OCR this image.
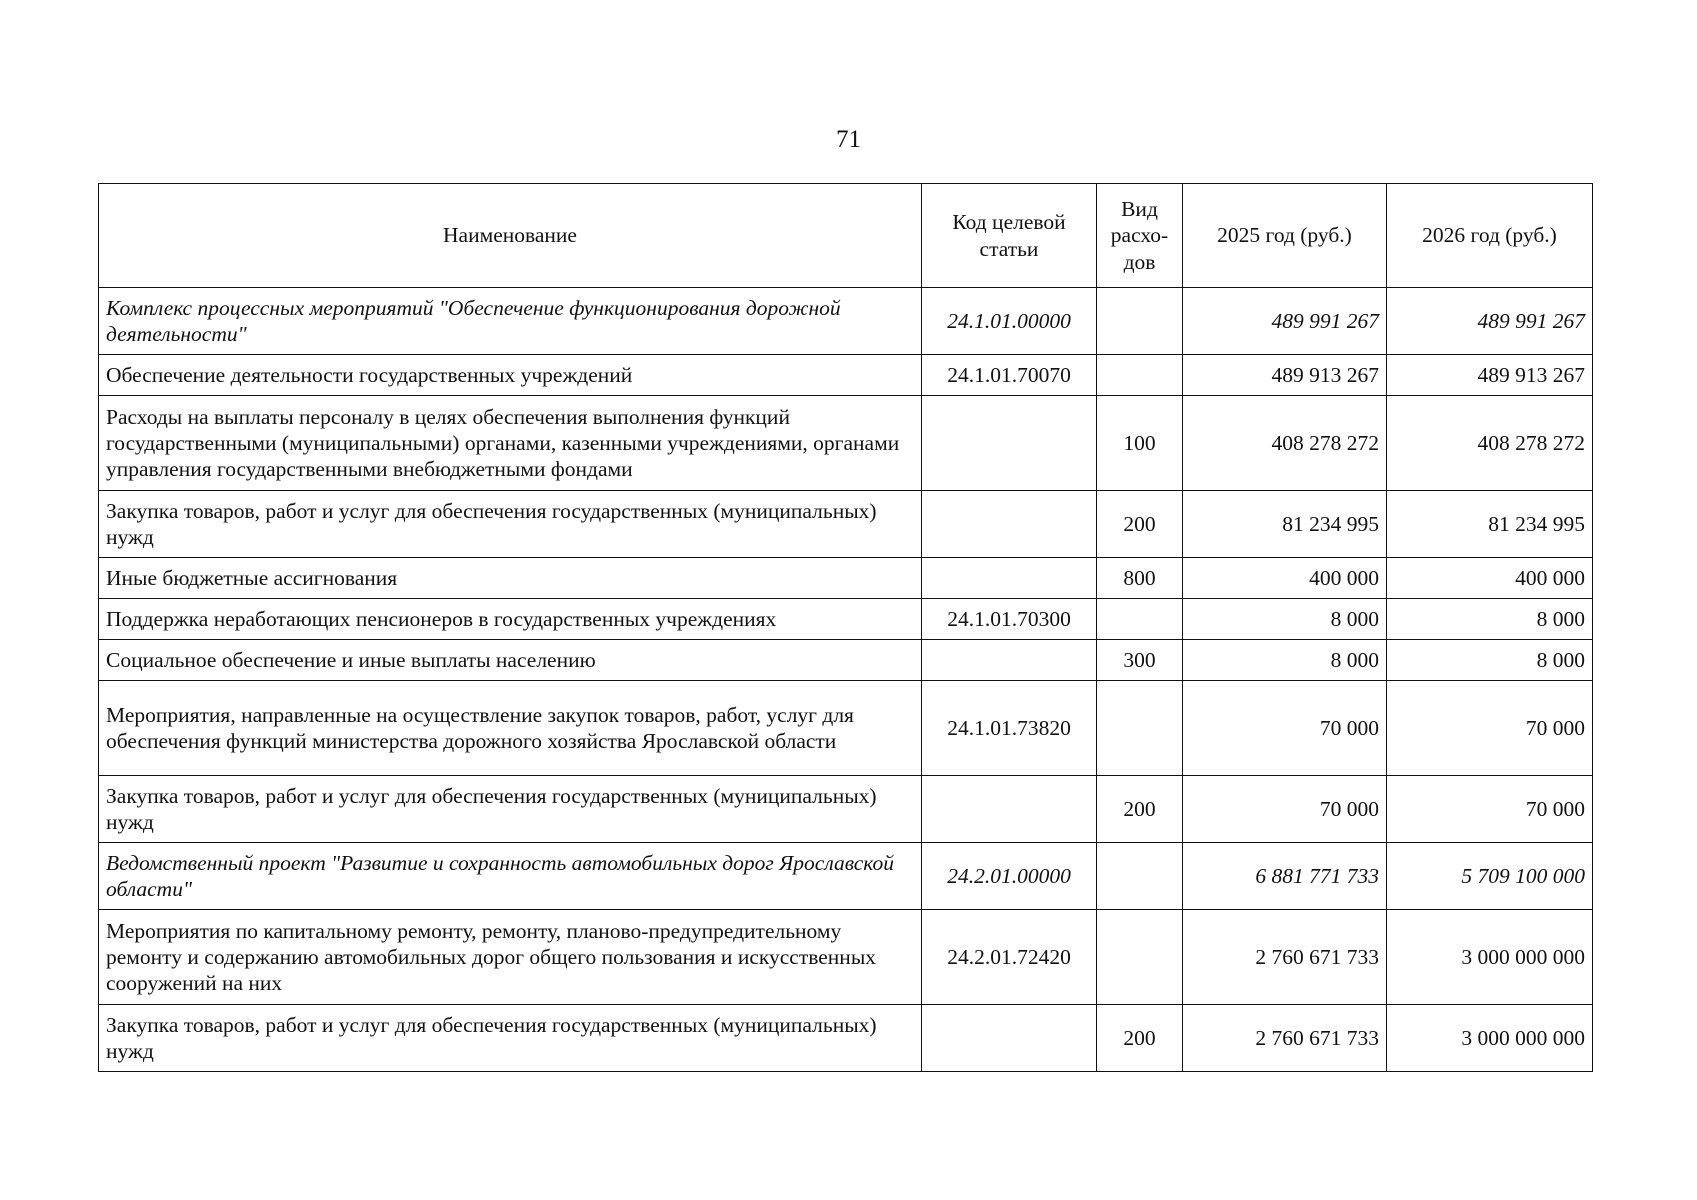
71
Наименование	Код целевой статьи	Вид расхо-дов	2025 год (руб.)	2026 год (руб.)
Комплекс процессных мероприятий "Обеспечение функционирования дорожной деятельности"	24.1.01.00000		489 991 267	489 991 267
Обеспечение деятельности государственных учреждений	24.1.01.70070		489 913 267	489 913 267
Расходы на выплаты персоналу в целях обеспечения выполнения функций государственными (муниципальными) органами, казенными учреждениями, органами управления государственными внебюджетными фондами		100	408 278 272	408 278 272
Закупка товаров, работ и услуг для обеспечения государственных (муниципальных) нужд		200	81 234 995	81 234 995
Иные бюджетные ассигнования		800	400 000	400 000
Поддержка неработающих пенсионеров в государственных учреждениях	24.1.01.70300		8 000	8 000
Социальное обеспечение и иные выплаты населению		300	8 000	8 000
Мероприятия, направленные на осуществление закупок товаров, работ, услуг для обеспечения функций министерства дорожного хозяйства Ярославской области	24.1.01.73820		70 000	70 000
Закупка товаров, работ и услуг для обеспечения государственных (муниципальных) нужд		200	70 000	70 000
Ведомственный проект "Развитие и сохранность автомобильных дорог Ярославской области"	24.2.01.00000		6 881 771 733	5 709 100 000
Мероприятия по капитальному ремонту, ремонту, планово-предупредительному ремонту и содержанию автомобильных дорог общего пользования и искусственных сооружений на них	24.2.01.72420		2 760 671 733	3 000 000 000
Закупка товаров, работ и услуг для обеспечения государственных (муниципальных) нужд		200	2 760 671 733	3 000 000 000
